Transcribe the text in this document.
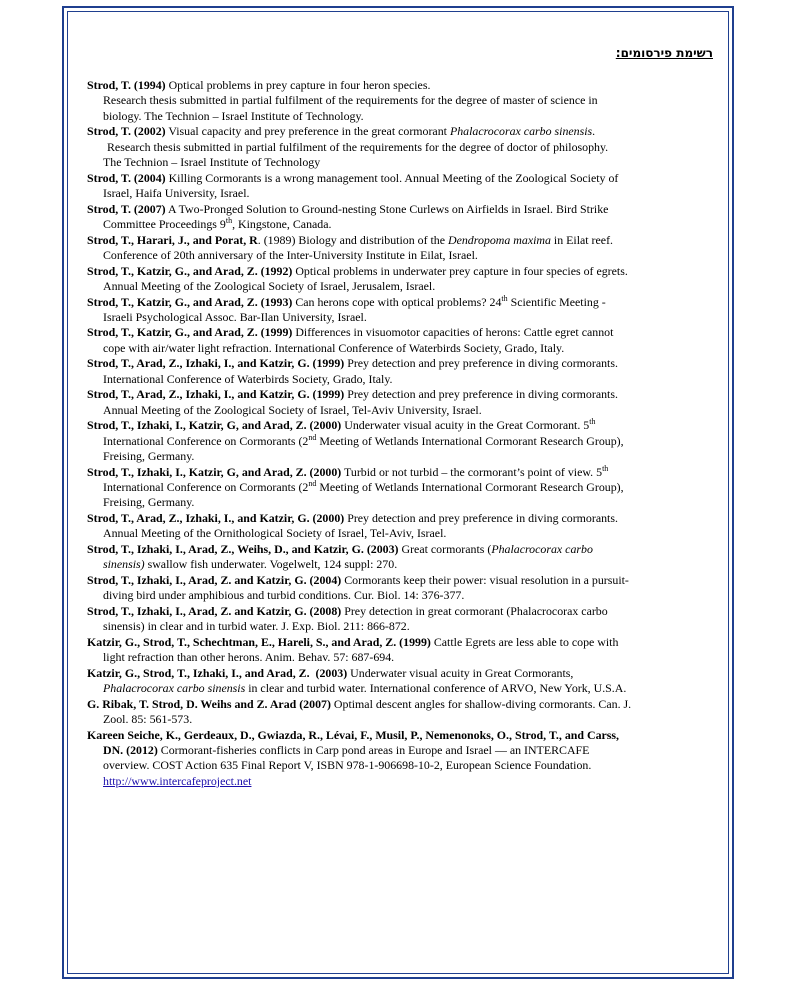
רשימת פירסומים:
Strod, T. (1994) Optical problems in prey capture in four heron species.
Research thesis submitted in partial fulfilment of the requirements for the degree of master of science in
biology. The Technion – Israel Institute of Technology.
Strod, T. (2002) Visual capacity and prey preference in the great cormorant Phalacrocorax carbo sinensis.
Research thesis submitted in partial fulfilment of the requirements for the degree of doctor of philosophy.
The Technion – Israel Institute of Technology
Strod, T. (2004) Killing Cormorants is a wrong management tool. Annual Meeting of the Zoological Society of
Israel, Haifa University, Israel.
Strod, T. (2007) A Two-Pronged Solution to Ground-nesting Stone Curlews on Airfields in Israel. Bird Strike
Committee Proceedings 9th, Kingstone, Canada.
Strod, T., Harari, J., and Porat, R. (1989) Biology and distribution of the Dendropoma maxima in Eilat reef.
Conference of 20th anniversary of the Inter-University Institute in Eilat, Israel.
Strod, T., Katzir, G., and Arad, Z. (1992) Optical problems in underwater prey capture in four species of egrets.
Annual Meeting of the Zoological Society of Israel, Jerusalem, Israel.
Strod, T., Katzir, G., and Arad, Z. (1993) Can herons cope with optical problems? 24th Scientific Meeting -
Israeli Psychological Assoc. Bar-Ilan University, Israel.
Strod, T., Katzir, G., and Arad, Z. (1999) Differences in visuomotor capacities of herons: Cattle egret cannot
cope with air/water light refraction. International Conference of Waterbirds Society, Grado, Italy.
Strod, T., Arad, Z., Izhaki, I., and Katzir, G. (1999) Prey detection and prey preference in diving cormorants.
International Conference of Waterbirds Society, Grado, Italy.
Strod, T., Arad, Z., Izhaki, I., and Katzir, G. (1999) Prey detection and prey preference in diving cormorants.
Annual Meeting of the Zoological Society of Israel, Tel-Aviv University, Israel.
Strod, T., Izhaki, I., Katzir, G, and Arad, Z. (2000) Underwater visual acuity in the Great Cormorant. 5th
International Conference on Cormorants (2nd Meeting of Wetlands International Cormorant Research Group),
Freising, Germany.
Strod, T., Izhaki, I., Katzir, G, and Arad, Z. (2000) Turbid or not turbid – the cormorant’s point of view. 5th
International Conference on Cormorants (2nd Meeting of Wetlands International Cormorant Research Group),
Freising, Germany.
Strod, T., Arad, Z., Izhaki, I., and Katzir, G. (2000) Prey detection and prey preference in diving cormorants.
Annual Meeting of the Ornithological Society of Israel, Tel-Aviv, Israel.
Strod, T., Izhaki, I., Arad, Z., Weihs, D., and Katzir, G. (2003) Great cormorants (Phalacrocorax carbo
sinensis) swallow fish underwater. Vogelwelt, 124 suppl: 270.
Strod, T., Izhaki, I., Arad, Z. and Katzir, G. (2004) Cormorants keep their power: visual resolution in a pursuit-
diving bird under amphibious and turbid conditions. Cur. Biol. 14: 376-377.
Strod, T., Izhaki, I., Arad, Z. and Katzir, G. (2008) Prey detection in great cormorant (Phalacrocorax carbo
sinensis) in clear and in turbid water. J. Exp. Biol. 211: 866-872.
Katzir, G., Strod, T., Schechtman, E., Hareli, S., and Arad, Z. (1999) Cattle Egrets are less able to cope with
light refraction than other herons. Anim. Behav. 57: 687-694.
Katzir, G., Strod, T., Izhaki, I., and Arad, Z.  (2003) Underwater visual acuity in Great Cormorants,
Phalacrocorax carbo sinensis in clear and turbid water. International conference of ARVO, New York, U.S.A.
G. Ribak, T. Strod, D. Weihs and Z. Arad (2007) Optimal descent angles for shallow-diving cormorants. Can. J.
Zool. 85: 561-573.
Kareen Seiche, K., Gerdeaux, D., Gwiazda, R., Lévai, F., Musil, P., Nemenonoks, O., Strod, T., and Carss,
DN. (2012) Cormorant-fisheries conflicts in Carp pond areas in Europe and Israel — an INTERCAFE
overview. COST Action 635 Final Report V, ISBN 978-1-906698-10-2, European Science Foundation.
http://www.intercafeproject.net
